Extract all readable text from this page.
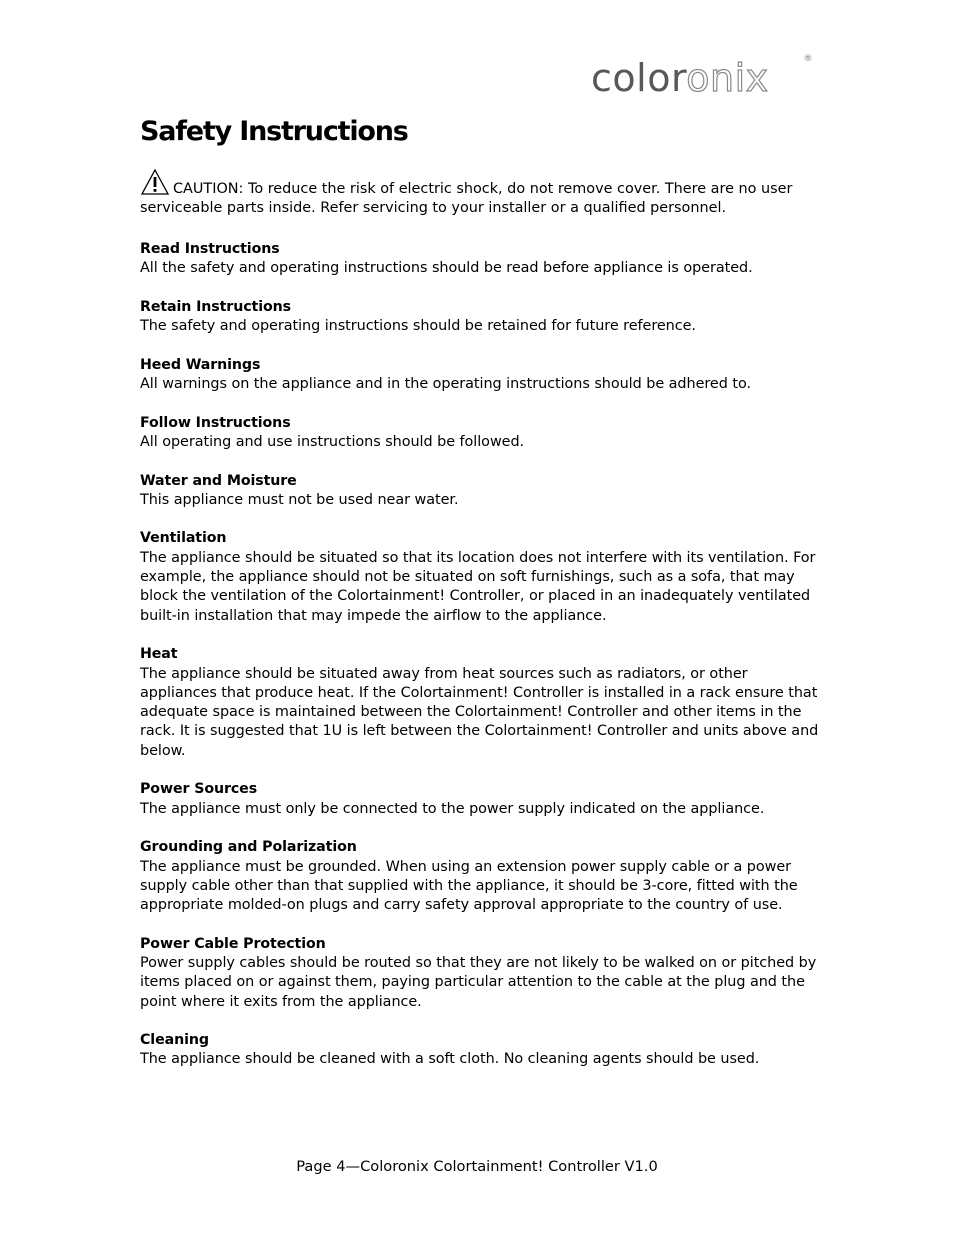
coloronix	®
Safety Instructions
CAUTION: To reduce the risk of electric shock, do not remove cover. There are no user serviceable parts inside. Refer servicing to your installer or a qualified personnel.
Read Instructions
All the safety and operating instructions should be read before appliance is operated.
Retain Instructions
The safety and operating instructions should be retained for future reference.
Heed Warnings
All warnings on the appliance and in the operating instructions should be adhered to.
Follow Instructions
All operating and use instructions should be followed.
Water and Moisture
This appliance must not be used near water.
Ventilation
The appliance should be situated so that its location does not interfere with its ventilation. For example, the appliance should not be situated on soft furnishings, such as a sofa, that may block the ventilation of the Colortainment! Controller, or placed in an inadequately ventilated built-in installation that may impede the airflow to the appliance.
Heat
The appliance should be situated away from heat sources such as radiators, or other appliances that produce heat. If the Colortainment! Controller is installed in a rack ensure that adequate space is maintained between the Colortainment! Controller and other items in the rack. It is suggested that 1U is left between the Colortainment! Controller and units above and below.
Power Sources
The appliance must only be connected to the power supply indicated on the appliance.
Grounding and Polarization
The appliance must be grounded. When using an extension power supply cable or a power supply cable other than that supplied with the appliance, it should be 3-core, fitted with the appropriate molded-on plugs and carry safety approval appropriate to the country of use.
Power Cable Protection
Power supply cables should be routed so that they are not likely to be walked on or pitched by items placed on or against them, paying particular attention to the cable at the plug and the point where it exits from the appliance.
Cleaning
The appliance should be cleaned with a soft cloth. No cleaning agents should be used.
Page 4—Coloronix Colortainment! Controller V1.0
